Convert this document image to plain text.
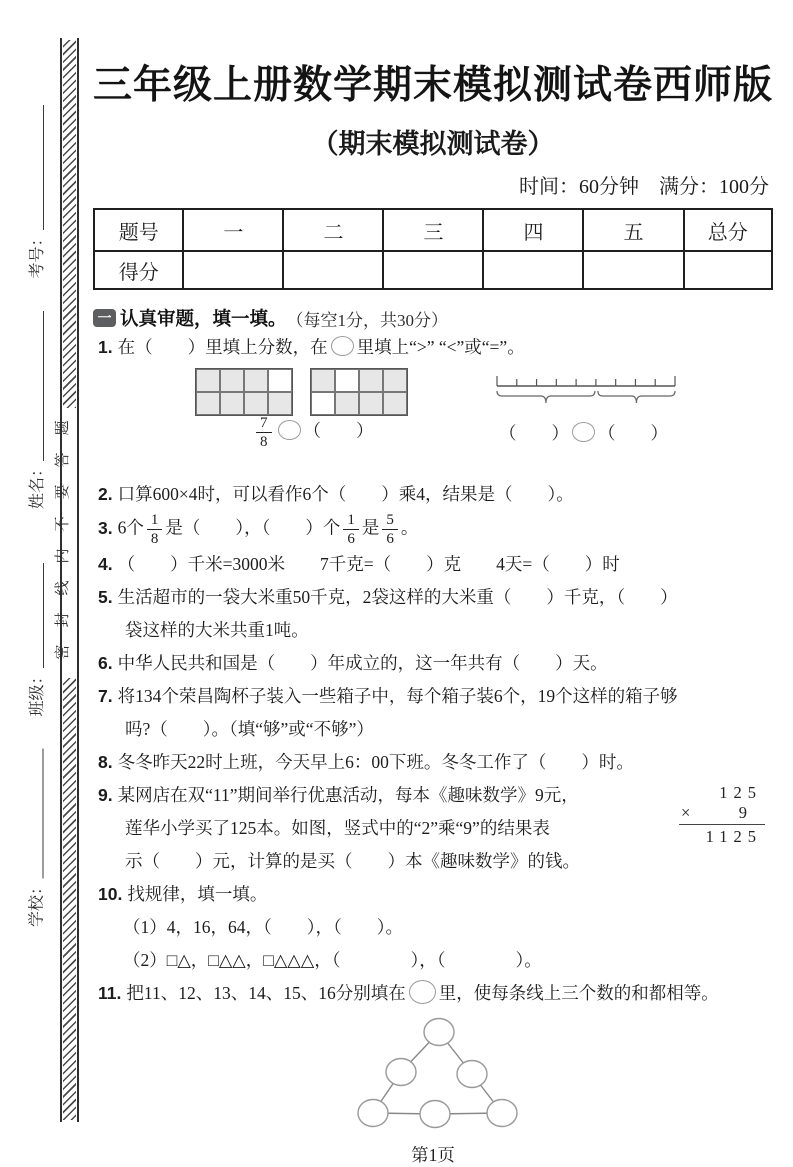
题
答
要
不
内
线
封
密
考号：
姓名：
班级：
学校：
三年级上册数学期末模拟测试卷西师版
（期末模拟测试卷）
时间：60分钟　满分：100分
题号	一	二	三	四	五	总分
得分						
一 认真审题，填一填。 （每空1分，共30分）
1. 在（　　）里填上分数，在 里填上“>” “<”或“=”。
$\frac{7}{8}$ （　　）	（　　） （　　）
2. 口算600×4时，可以看作6个（　　）乘4，结果是（　　）。
3. 6个 $\frac{1}{8}$ 是（　　），（　　）个 $\frac{1}{6}$ 是 $\frac{5}{6}$ 。
4. （　　）千米=3000米　　7千克=（　　）克　　4天=（　　）时
5. 生活超市的一袋大米重50千克，2袋这样的大米重（　　）千克，（　　）
袋这样的大米共重1吨。
6. 中华人民共和国是（　　）年成立的，这一年共有（　　）天。
7. 将134个荣昌陶杯子装入一些箱子中，每个箱子装6个，19个这样的箱子够
吗?（　　）。（填“够”或“不够”）
8. 冬冬昨天22时上班，今天早上6：00下班。冬冬工作了（　　）时。
9. 某网店在双“11”期间举行优惠活动，每本《趣味数学》9元，
莲华小学买了125本。如图，竖式中的“2”乘“9”的结果表
示（　　）元，计算的是买（　　）本《趣味数学》的钱。
125
×	9
1125
10. 找规律，填一填。
（1）4，16，64，（　　），（　　）。
（2）□△，□△△，□△△△，（　　　　），（　　　　）。
11. 把11、12、13、14、15、16分别填在 里，使每条线上三个数的和都相等。
第1页
